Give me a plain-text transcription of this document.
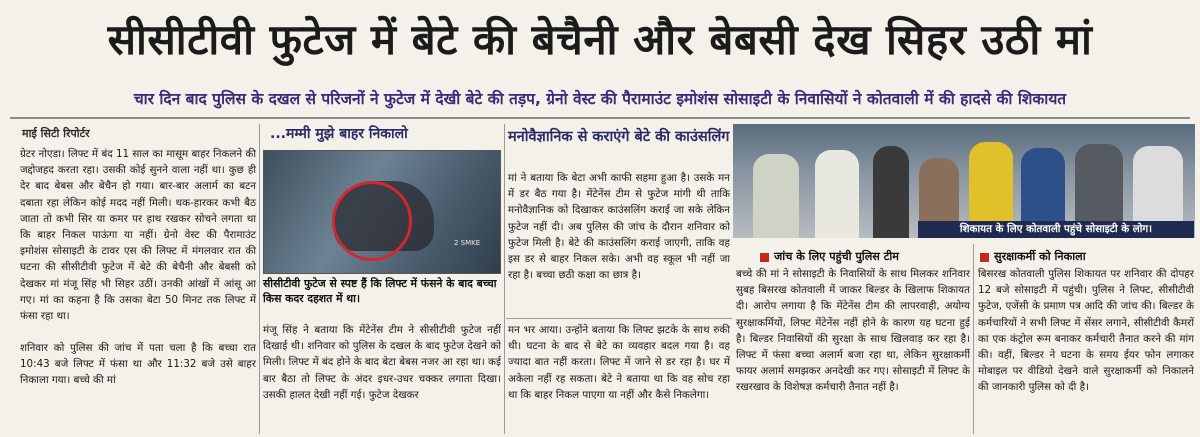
सीसीटीवी फुटेज में बेटे की बेचैनी और बेबसी देख सिहर उठी मां
चार दिन बाद पुलिस के दखल से परिजनों ने फुटेज में देखी बेटे की तड़प, ग्रेनो वेस्ट की पैरामाउंट इमोशंस सोसाइटी के निवासियों ने कोतवाली में की हादसे की शिकायत
माई सिटी रिपोर्टर

ग्रेटर नोएडा। लिफ्ट में बंद 11 साल का मासूम बाहर निकलने की जद्दोजहद करता रहा। उसकी कोई सुनने वाला नहीं था। कुछ ही देर बाद बेबस और बेचैन हो गया। बार-बार अलार्म का बटन दबाता रहा लेकिन कोई मदद नहीं मिली। थक-हारकर कभी बैठ जाता तो कभी सिर या कमर पर हाथ रखकर सोचने लगता था कि बाहर निकल पाऊंगा या नहीं। ग्रेनो वेस्ट की पैरामाउंट इमोशंस सोसाइटी के टावर एस की लिफ्ट में मंगलवार रात की घटना की सीसीटीवी फुटेज में बेटे की बेचैनी और बेबसी को देखकर मां मंजू सिंह भी सिहर उठीं। उनकी आंखों में आंसू आ गए। मां का कहना है कि उसका बेटा 50 मिनट तक लिफ्ट में फंसा रहा था।

शनिवार को पुलिस की जांच में पता चला है कि बच्चा रात 10:43 बजे लिफ्ट में फंसा था और 11:32 बजे उसे बाहर निकाला गया। बच्चे की मां

...मम्मी मुझे बाहर निकालो
2 SMKE
सीसीटीवी फुटेज से स्पष्ट हैं कि लिफ्ट में फंसने के बाद बच्चा किस कदर दहशत में था।

मंजू सिंह ने बताया कि मेंटेनेंस टीम ने सीसीटीवी फुटेज नहीं दिखाई थी। शनिवार को पुलिस के दखल के बाद फुटेज देखने को मिली। लिफ्ट में बंद होने के बाद बेटा बेबस नजर आ रहा था। कई बार बैठा तो लिफ्ट के अंदर इधर-उधर चक्कर लगाता दिखा। उसकी हालत देखी नहीं गई। फुटेज देखकर

मनोवैज्ञानिक से कराएंगे बेटे की काउंसलिंग

मां ने बताया कि बेटा अभी काफी सहमा हुआ है। उसके मन में डर बैठ गया है। मेंटेनेंस टीम से फुटेज मांगी थी ताकि मनोवैज्ञानिक को दिखाकर काउंसलिंग कराई जा सके लेकिन फुटेज नहीं दी। अब पुलिस की जांच के दौरान शनिवार को फुटेज मिली है। बेटे की काउंसलिंग कराई जाएगी, ताकि वह इस डर से बाहर निकल सके। अभी वह स्कूल भी नहीं जा रहा है। बच्चा छठी कक्षा का छात्र है।

मन भर आया। उन्होंने बताया कि लिफ्ट झटके के साथ रुकी थी। घटना के बाद से बेटे का व्यवहार बदल गया है। वह ज्यादा बात नहीं करता। लिफ्ट में जाने से डर रहा है। घर में अकेला नहीं रह सकता। बेटे ने बताया था कि वह सोच रहा था कि बाहर निकल पाएगा या नहीं और कैसे निकलेगा।

शिकायत के लिए कोतवाली पहुंचे सोसाइटी के लोग।
जांच के लिए पहुंची पुलिस टीम

बच्चे की मां ने सोसाइटी के निवासियों के साथ मिलकर शनिवार सुबह बिसरख कोतवाली में जाकर बिल्डर के खिलाफ शिकायत दी। आरोप लगाया है कि मेंटेनेंस टीम की लापरवाही, अयोग्य सुरक्षाकर्मियों, लिफ्ट मेंटेनेंस नहीं होने के कारण यह घटना हुई है। बिल्डर निवासियों की सुरक्षा के साथ खिलवाड़ कर रहा है। लिफ्ट में फंसा बच्चा अलार्म बजा रहा था, लेकिन सुरक्षाकर्मी फायर अलार्म समझकर अनदेखी कर गए। सोसाइटी में लिफ्ट के रखरखाव के विशेषज्ञ कर्मचारी तैनात नहीं है।

सुरक्षाकर्मी को निकाला

बिसरख कोतवाली पुलिस शिकायत पर शनिवार की दोपहर 12 बजे सोसाइटी में पहुंची। पुलिस ने लिफ्ट, सीसीटीवी फुटेज, एजेंसी के प्रमाण पत्र आदि की जांच की। बिल्डर के कर्मचारियों ने सभी लिफ्ट में सेंसर लगाने, सीसीटीवी कैमरों का एक कंट्रोल रूम बनाकर कर्मचारी तैनात करने की मांग की। वहीं, बिल्डर ने घटना के समय ईयर फोन लगाकर मोबाइल पर वीडियो देखने वाले सुरक्षाकर्मी को निकालने की जानकारी पुलिस को दी है।
